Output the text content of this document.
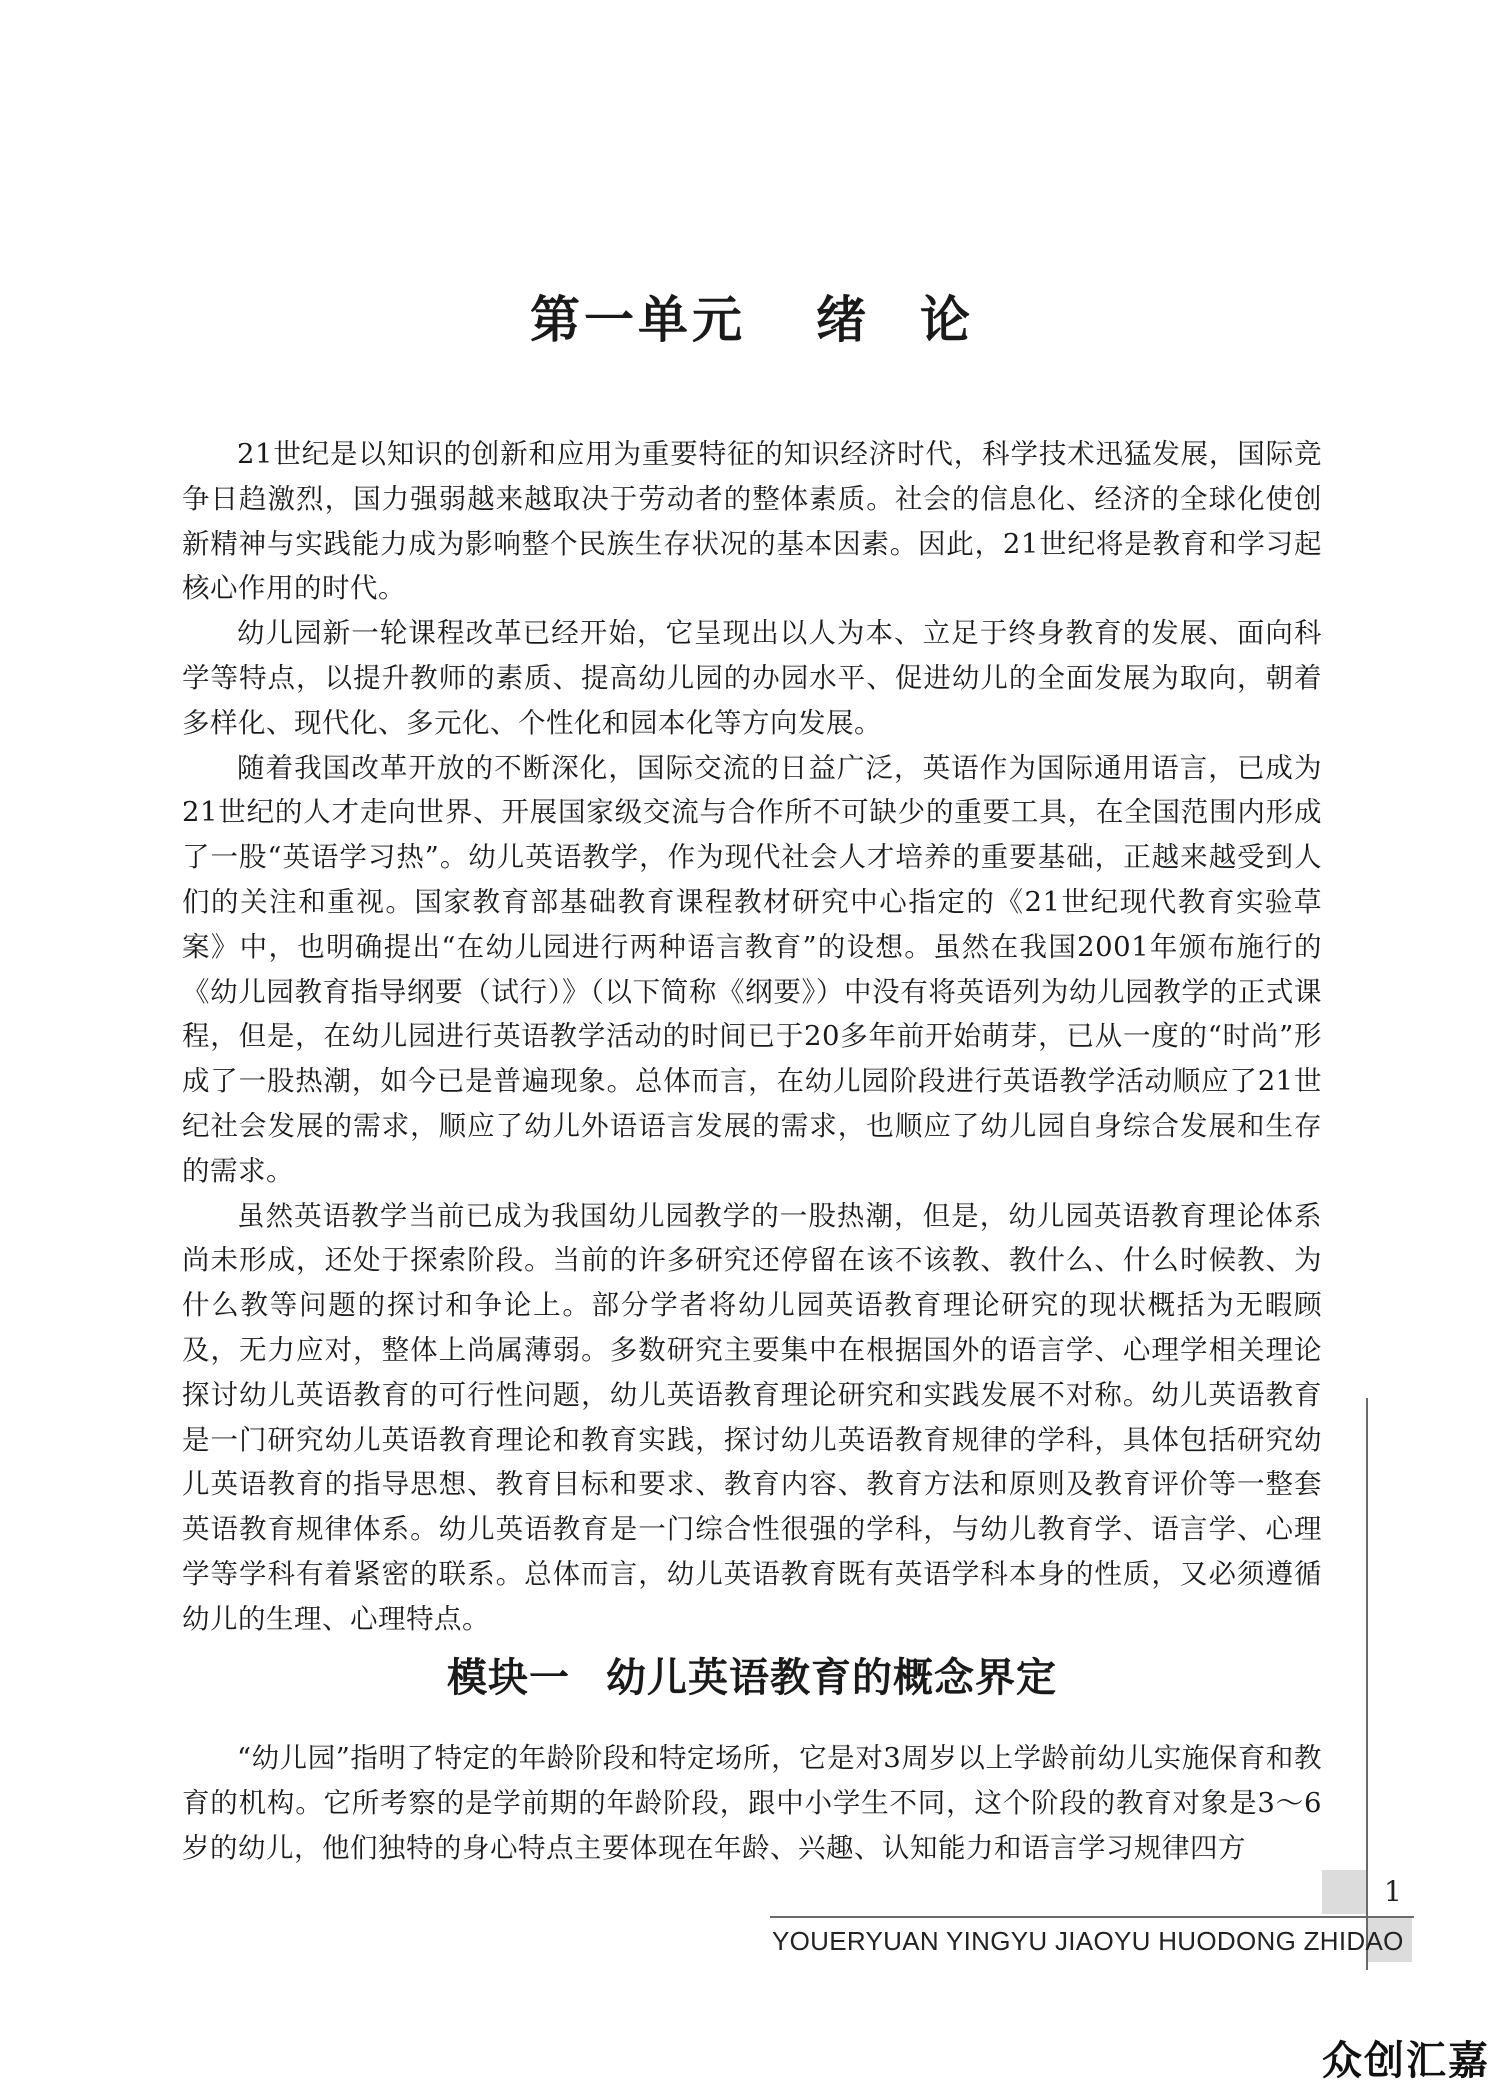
第一单元 绪 论

21世纪是以知识的创新和应用为重要特征的知识经济时代，科学技术迅猛发展，国际竞争日趋激烈，国力强弱越来越取决于劳动者的整体素质。社会的信息化、经济的全球化使创新精神与实践能力成为影响整个民族生存状况的基本因素。因此，21世纪将是教育和学习起核心作用的时代。

幼儿园新一轮课程改革已经开始，它呈现出以人为本、立足于终身教育的发展、面向科学等特点，以提升教师的素质、提高幼儿园的办园水平、促进幼儿的全面发展为取向，朝着多样化、现代化、多元化、个性化和园本化等方向发展。

随着我国改革开放的不断深化，国际交流的日益广泛，英语作为国际通用语言，已成为21世纪的人才走向世界、开展国家级交流与合作所不可缺少的重要工具，在全国范围内形成了一股“英语学习热”。幼儿英语教学，作为现代社会人才培养的重要基础，正越来越受到人们的关注和重视。国家教育部基础教育课程教材研究中心指定的《21世纪现代教育实验草案》中，也明确提出“在幼儿园进行两种语言教育”的设想。虽然在我国2001年颁布施行的《幼儿园教育指导纲要（试行）》（以下简称《纲要》）中没有将英语列为幼儿园教学的正式课程，但是，在幼儿园进行英语教学活动的时间已于20多年前开始萌芽，已从一度的“时尚”形成了一股热潮，如今已是普遍现象。总体而言，在幼儿园阶段进行英语教学活动顺应了21世纪社会发展的需求，顺应了幼儿外语语言发展的需求，也顺应了幼儿园自身综合发展和生存的需求。

虽然英语教学当前已成为我国幼儿园教学的一股热潮，但是，幼儿园英语教育理论体系尚未形成，还处于探索阶段。当前的许多研究还停留在该不该教、教什么、什么时候教、为什么教等问题的探讨和争论上。部分学者将幼儿园英语教育理论研究的现状概括为无暇顾及，无力应对，整体上尚属薄弱。多数研究主要集中在根据国外的语言学、心理学相关理论探讨幼儿英语教育的可行性问题，幼儿英语教育理论研究和实践发展不对称。幼儿英语教育是一门研究幼儿英语教育理论和教育实践，探讨幼儿英语教育规律的学科，具体包括研究幼儿英语教育的指导思想、教育目标和要求、教育内容、教育方法和原则及教育评价等一整套英语教育规律体系。幼儿英语教育是一门综合性很强的学科，与幼儿教育学、语言学、心理学等学科有着紧密的联系。总体而言，幼儿英语教育既有英语学科本身的性质，又必须遵循幼儿的生理、心理特点。

模块一 幼儿英语教育的概念界定

“幼儿园”指明了特定的年龄阶段和特定场所，它是对3周岁以上学龄前幼儿实施保育和教育的机构。它所考察的是学前期的年龄阶段，跟中小学生不同，这个阶段的教育对象是3～6岁的幼儿，他们独特的身心特点主要体现在年龄、兴趣、认知能力和语言学习规律四方

1
YOUERYUAN YINGYU JIAOYU HUODONG ZHIDAO
众创汇嘉
